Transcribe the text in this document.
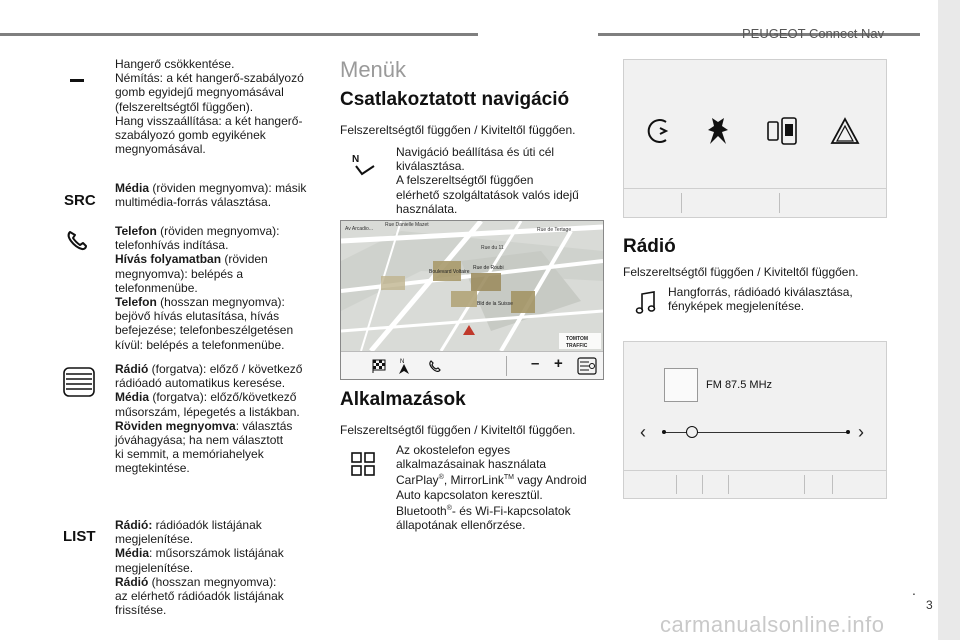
PEUGEOT Connect Nav
.
3
Hangerő csökkentése.
Némítás: a két hangerő-szabályozó
gomb egyidejű megnyomásával
(felszereltségtől függően).
Hang visszaállítása: a két hangerő-
szabályozó gomb egyikének
megnyomásával.
SRC
Média (röviden megnyomva): másik
multimédia-forrás választása.
Telefon (röviden megnyomva):
telefonhívás indítása.
Hívás folyamatban (röviden
megnyomva): belépés a
telefonmenübe.
Telefon (hosszan megnyomva):
bejövő hívás elutasítása, hívás
befejezése; telefonbeszélgetésen
kívül: belépés a telefonmenübe.
Rádió (forgatva): előző / következő
rádióadó automatikus keresése.
Média (forgatva): előző/következő
műsorszám, lépegetés a listákban.
Röviden megnyomva: választás
jóváhagyása; ha nem választott
ki semmit, a memóriahelyek
megtekintése.
LIST
Rádió: rádióadók listájának
megjelenítése.
Média: műsorszámok listájának
megjelenítése.
Rádió (hosszan megnyomva):
az elérhető rádióadók listájának
frissítése.
Menük
Csatlakoztatott navigáció
Felszereltségtől függően / Kiviteltől függően.
N
Navigáció beállítása és úti cél
kiválasztása.
A felszereltségtől függően
elérhető szolgáltatások valós idejű
használata.
Av Arcadio...
Rue Danielle Mazet
Rue de Tertage
Boulevard Voltaire
Rue de Roubi
Bld de la Suisse
Rue du 11
TOMTOM
TRAFFIC
N	– +
Alkalmazások
Felszereltségtől függően / Kiviteltől függően.
Az okostelefon egyes
alkalmazásainak használata
CarPlay®, MirrorLink™ vagy Android
Auto kapcsolaton keresztül.
Bluetooth®- és Wi-Fi-kapcsolatok
állapotának ellenőrzése.
Rádió
Felszereltségtől függően / Kiviteltől függően.
Hangforrás, rádióadó kiválasztása,
fényképek megjelenítése.
FM 87.5 MHz
‹	›
carmanualsonline.info
